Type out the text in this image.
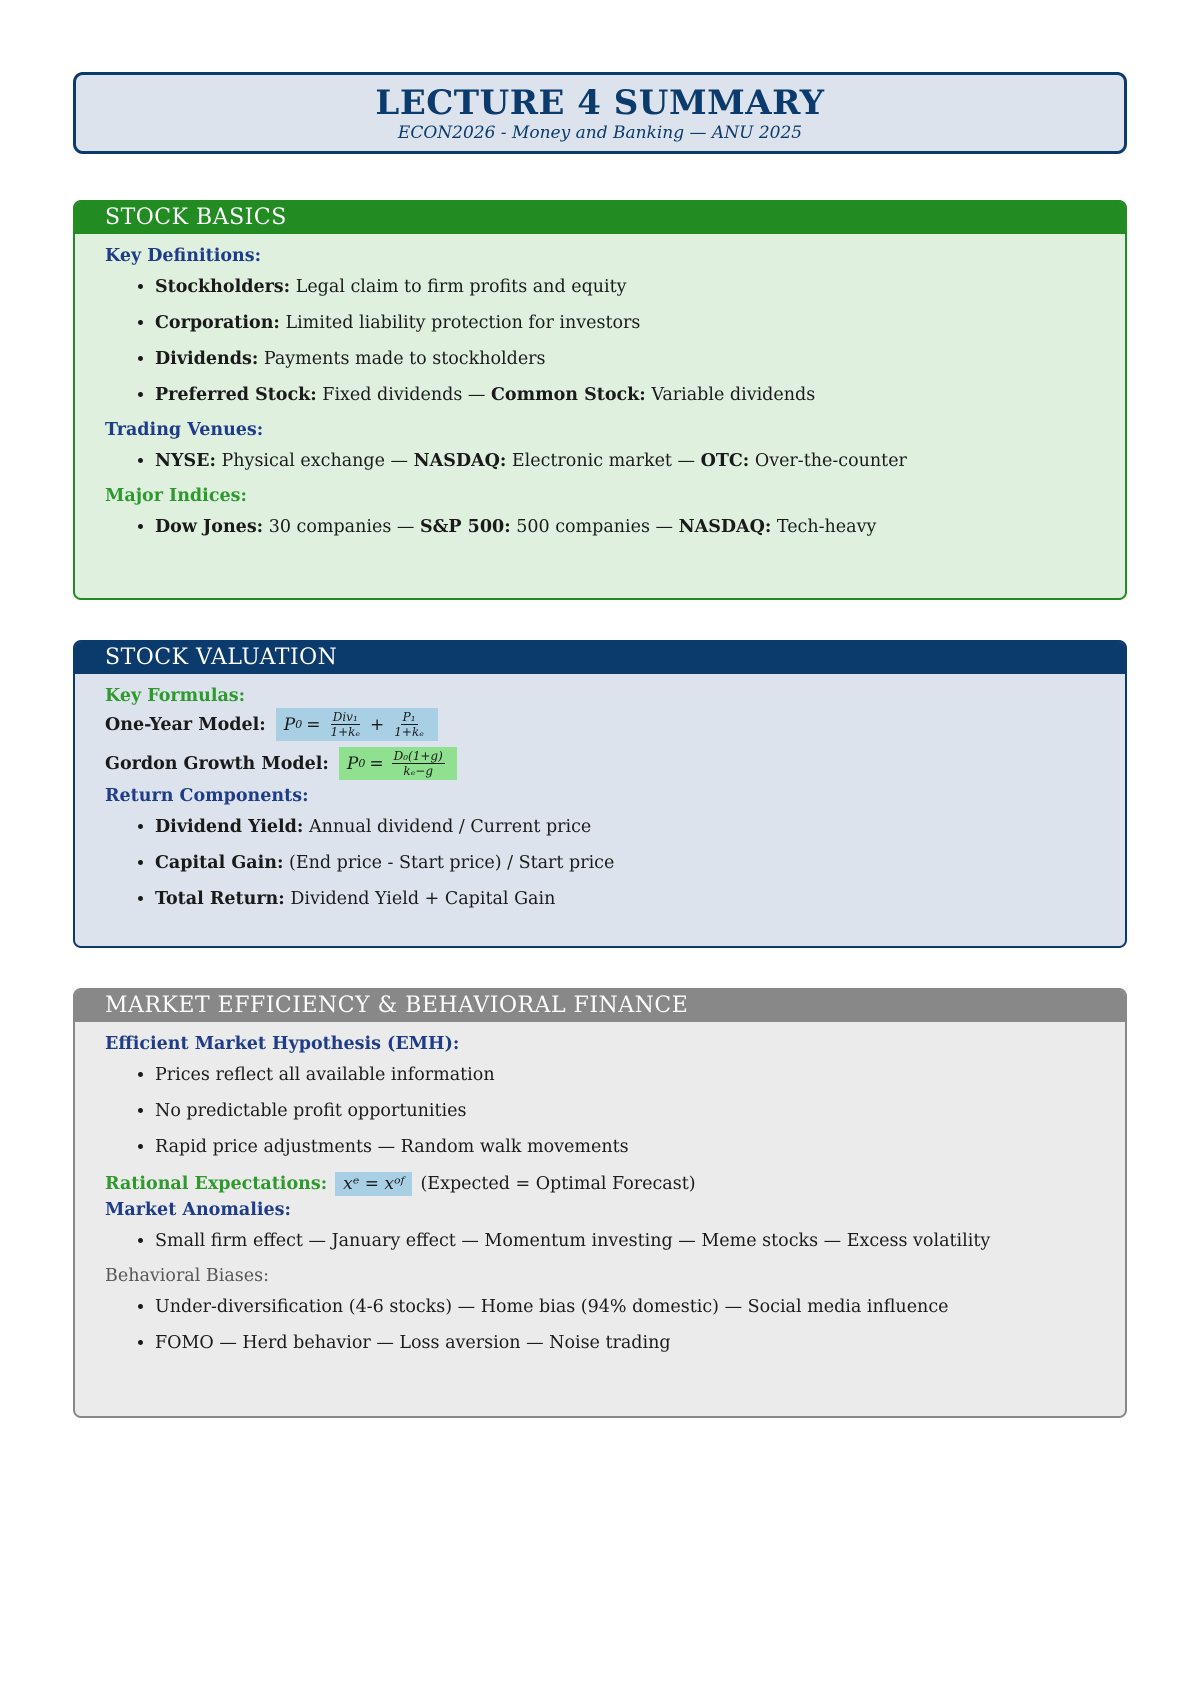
LECTURE 4 SUMMARY
ECON2026 - Money and Banking — ANU 2025
STOCK BASICS
Key Definitions:
• Stockholders: Legal claim to firm profits and equity
• Corporation: Limited liability protection for investors
• Dividends: Payments made to stockholders
• Preferred Stock: Fixed dividends — Common Stock: Variable dividends
Trading Venues:
• NYSE: Physical exchange — NASDAQ: Electronic market — OTC: Over-the-counter
Major Indices:
• Dow Jones: 30 companies — S&P 500: 500 companies — NASDAQ: Tech-heavy
STOCK VALUATION
Key Formulas:
One-Year Model: P $0 = \frac{\text{Div₁}}{\text{1+kₑ}} + \frac{\text{P₁}}{\text{1+kₑ}}$
Gordon Growth Model: P $0 = \frac{\text{D₀(1+g)}}{\text{kₑ−g}}$
Return Components:
• Dividend Yield: Annual dividend / Current price
• Capital Gain: (End price - Start price) / Start price
• Total Return: Dividend Yield + Capital Gain
MARKET EFFICIENCY & BEHAVIORAL FINANCE
Efficient Market Hypothesis (EMH):
• Prices reflect all available information
• No predictable profit opportunities
• Rapid price adjustments — Random walk movements
Rational Expectations: xᵉ = xᵒᶠ (Expected = Optimal Forecast)
Market Anomalies:
• Small firm effect — January effect — Momentum investing — Meme stocks — Excess volatility
Behavioral Biases:
• Under-diversification (4-6 stocks) — Home bias (94% domestic) — Social media influence
• FOMO — Herd behavior — Loss aversion — Noise trading
